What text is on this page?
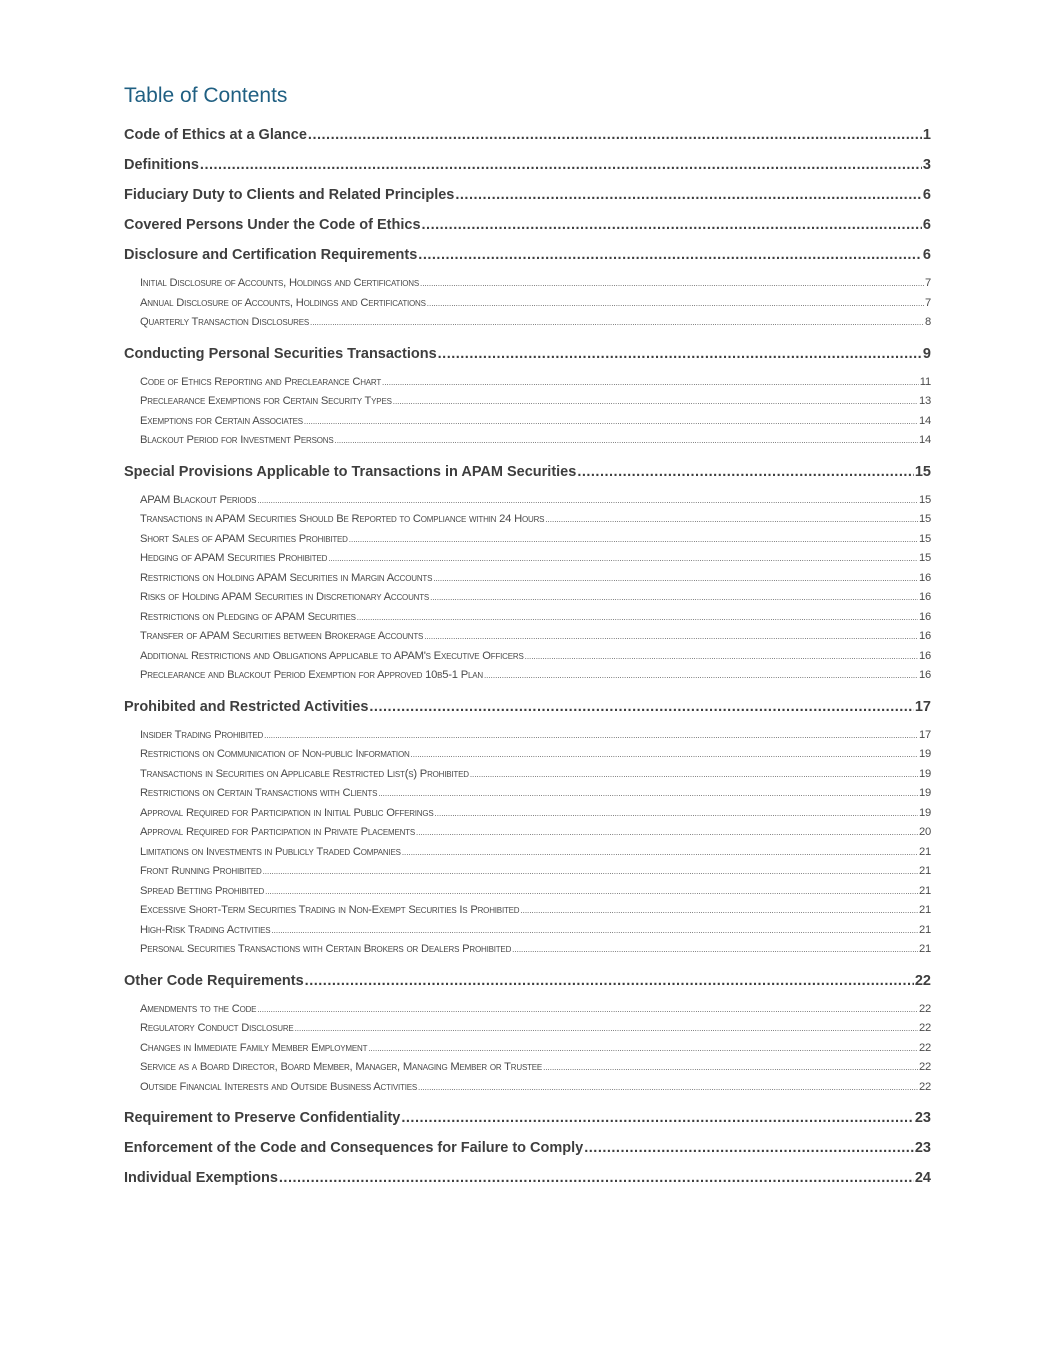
Table of Contents
Code of Ethics at a Glance .....	1
Definitions .....	3
Fiduciary Duty to Clients and Related Principles .....	6
Covered Persons Under the Code of Ethics .....	6
Disclosure and Certification Requirements .....	6
Initial Disclosure of Accounts, Holdings and Certifications .....	7
Annual Disclosure of Accounts, Holdings and Certifications .....	7
Quarterly Transaction Disclosures .....	8
Conducting Personal Securities Transactions .....	9
Code of Ethics Reporting and Preclearance Chart .....	11
Preclearance Exemptions for Certain Security Types .....	13
Exemptions for Certain Associates .....	14
Blackout Period for Investment Persons .....	14
Special Provisions Applicable to Transactions in APAM Securities .....	15
APAM Blackout Periods .....	15
Transactions in APAM Securities Should Be Reported to Compliance within 24 Hours .....	15
Short Sales of APAM Securities Prohibited .....	15
Hedging of APAM Securities Prohibited .....	15
Restrictions on Holding APAM Securities in Margin Accounts .....	16
Risks of Holding APAM Securities in Discretionary Accounts .....	16
Restrictions on Pledging of APAM Securities .....	16
Transfer of APAM Securities between Brokerage Accounts .....	16
Additional Restrictions and Obligations Applicable to APAM's Executive Officers .....	16
Preclearance and Blackout Period Exemption for Approved 10b5-1 Plan .....	16
Prohibited and Restricted Activities .....	17
Insider Trading Prohibited .....	17
Restrictions on Communication of Non-public Information .....	19
Transactions in Securities on Applicable Restricted List(s) Prohibited .....	19
Restrictions on Certain Transactions with Clients .....	19
Approval Required for Participation in Initial Public Offerings .....	19
Approval Required for Participation in Private Placements .....	20
Limitations on Investments in Publicly Traded Companies .....	21
Front Running Prohibited .....	21
Spread Betting Prohibited .....	21
Excessive Short-Term Securities Trading in Non-Exempt Securities Is Prohibited .....	21
High-Risk Trading Activities .....	21
Personal Securities Transactions with Certain Brokers or Dealers Prohibited .....	21
Other Code Requirements .....	22
Amendments to the Code .....	22
Regulatory Conduct Disclosure .....	22
Changes in Immediate Family Member Employment .....	22
Service as a Board Director, Board Member, Manager, Managing Member or Trustee .....	22
Outside Financial Interests and Outside Business Activities .....	22
Requirement to Preserve Confidentiality .....	23
Enforcement of the Code and Consequences for Failure to Comply .....	23
Individual Exemptions .....	24
